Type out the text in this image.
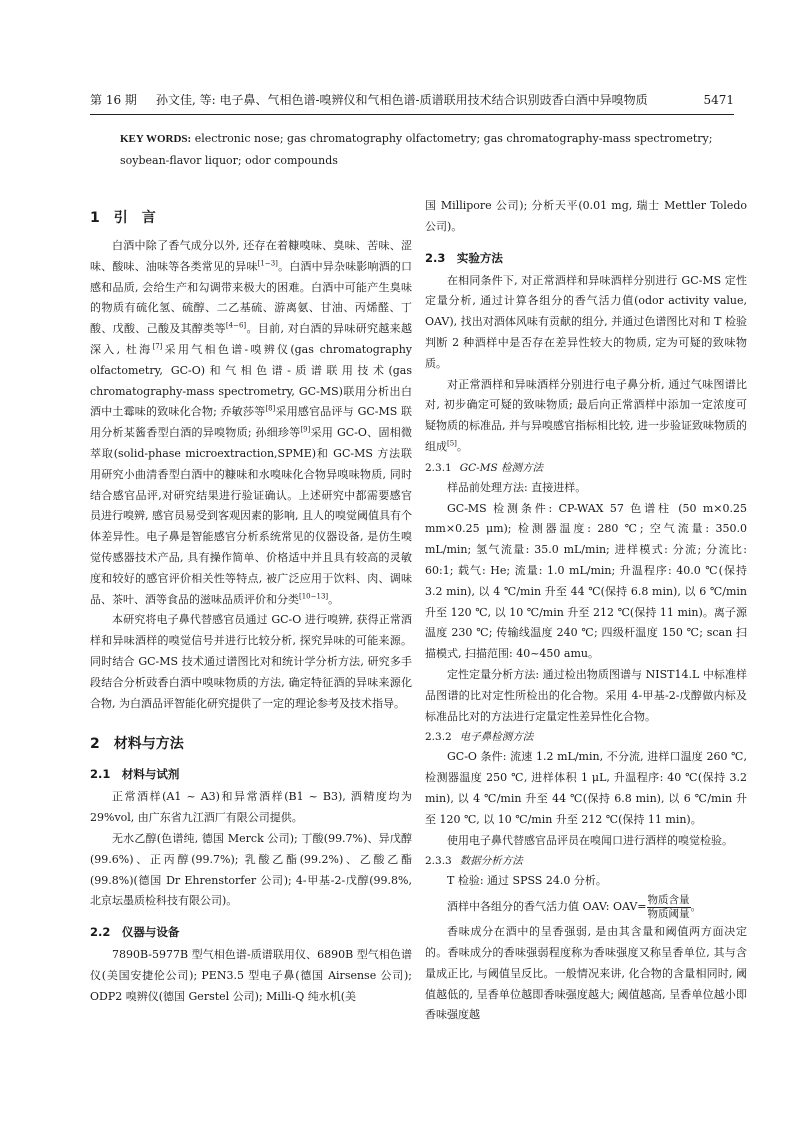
第 16 期 孙文佳, 等: 电子鼻、气相色谱-嗅辨仪和气相色谱-质谱联用技术结合识别豉香白酒中异嗅物质	5471
KEY WORDS: electronic nose; gas chromatography olfactometry; gas chromatography-mass spectrometry; soybean-flavor liquor; odor compounds
1　引　言

白酒中除了香气成分以外, 还存在着糠嗅味、臭味、苦味、涩味、酸味、油味等各类常见的异味[1−3]。白酒中异杂味影响酒的口感和品质, 会给生产和勾调带来极大的困难。白酒中可能产生臭味的物质有硫化氢、硫醇、二乙基硫、游离氨、甘油、丙烯醛、丁酸、戊酸、己酸及其醇类等[4−6]。目前, 对白酒的异味研究越来越深入, 杜海[7]采用气相色谱-嗅辨仪(gas chromatography olfactometry, GC-O)和气相色谱-质谱联用技术(gas chromatography-mass spectrometry, GC-MS)联用分析出白酒中土霉味的致味化合物; 乔敏莎等[8]采用感官品评与 GC-MS 联用分析某酱香型白酒的异嗅物质; 孙细珍等[9]采用 GC-O、固相微萃取(solid-phase microextraction,SPME)和 GC-MS 方法联用研究小曲清香型白酒中的糠味和水嗅味化合物异嗅味物质, 同时结合感官品评,对研究结果进行验证确认。上述研究中都需要感官员进行嗅辨, 感官员易受到客观因素的影响, 且人的嗅觉阈值具有个体差异性。电子鼻是智能感官分析系统常见的仪器设备, 是仿生嗅觉传感器技术产品, 具有操作简单、价格适中并且具有较高的灵敏度和较好的感官评价相关性等特点, 被广泛应用于饮料、肉、调味品、茶叶、酒等食品的滋味品质评价和分类[10−13]。

本研究将电子鼻代替感官员通过 GC-O 进行嗅辨, 获得正常酒样和异味酒样的嗅觉信号并进行比较分析, 探究异味的可能来源。同时结合 GC-MS 技术通过谱图比对和统计学分析方法, 研究多手段结合分析豉香白酒中嗅味物质的方法, 确定特征酒的异味来源化合物, 为白酒品评智能化研究提供了一定的理论参考及技术指导。

2　材料与方法
2.1　材料与试剂

正常酒样(A1 ~ A3)和异常酒样(B1 ~ B3), 酒精度均为 29%vol, 由广东省九江酒厂有限公司提供。

无水乙醇(色谱纯, 德国 Merck 公司); 丁酸(99.7%)、异戊醇(99.6%)、正丙醇(99.7%); 乳酸乙酯(99.2%)、乙酸乙酯(99.8%)(德国 Dr Ehrenstorfer 公司); 4-甲基-2-戊醇(99.8%, 北京坛墨质检科技有限公司)。

2.2　仪器与设备

7890B-5977B 型气相色谱-质谱联用仪、6890B 型气相色谱仪(美国安捷伦公司); PEN3.5 型电子鼻(德国 Airsense 公司); ODP2 嗅辨仪(德国 Gerstel 公司); Milli-Q 纯水机(美

国 Millipore 公司); 分析天平(0.01 mg, 瑞士 Mettler Toledo 公司)。

2.3　实验方法

在相同条件下, 对正常酒样和异味酒样分别进行 GC-MS 定性定量分析, 通过计算各组分的香气活力值(odor activity value, OAV), 找出对酒体风味有贡献的组分, 并通过色谱图比对和 T 检验判断 2 种酒样中是否存在差异性较大的物质, 定为可疑的致味物质。

对正常酒样和异味酒样分别进行电子鼻分析, 通过气味图谱比对, 初步确定可疑的致味物质; 最后向正常酒样中添加一定浓度可疑物质的标准品, 并与异嗅感官指标相比较, 进一步验证致味物质的组成[5]。

2.3.1 GC-MS 检测方法

样品前处理方法: 直接进样。

GC-MS 检测条件: CP-WAX 57 色谱柱 (50 m×0.25 mm×0.25 μm); 检测器温度: 280 ℃; 空气流量: 350.0 mL/min; 氢气流量: 35.0 mL/min; 进样模式: 分流; 分流比: 60:1; 载气: He; 流量: 1.0 mL/min; 升温程序: 40.0 ℃(保持 3.2 min), 以 4 ℃/min 升至 44 ℃(保持 6.8 min), 以 6 ℃/min 升至 120 ℃, 以 10 ℃/min 升至 212 ℃(保持 11 min)。离子源温度 230 ℃; 传输线温度 240 ℃; 四级杆温度 150 ℃; scan 扫描模式, 扫描范围: 40~450 amu。

定性定量分析方法: 通过检出物质图谱与 NIST14.L 中标准样品图谱的比对定性所检出的化合物。采用 4-甲基-2-戊醇做内标及标准品比对的方法进行定量定性差异性化合物。

2.3.2 电子鼻检测方法

GC-O 条件: 流速 1.2 mL/min, 不分流, 进样口温度 260 ℃, 检测器温度 250 ℃, 进样体积 1 μL, 升温程序: 40 ℃(保持 3.2 min), 以 4 ℃/min 升至 44 ℃(保持 6.8 min), 以 6 ℃/min 升至 120 ℃, 以 10 ℃/min 升至 212 ℃(保持 11 min)。

使用电子鼻代替感官品评员在嗅闻口进行酒样的嗅觉检验。

2.3.3 数据分析方法

T 检验: 通过 SPSS 24.0 分析。

酒样中各组分的香气活力值 OAV: $OAV= \frac{\text{物质含量}}{\text{物质阈量}}$ 。

香味成分在酒中的呈香强弱, 是由其含量和阈值两方面决定的。香味成分的香味强弱程度称为香味强度又称呈香单位, 其与含量成正比, 与阈值呈反比。一般情况来讲, 化合物的含量相同时, 阈值越低的, 呈香单位越即香味强度越大; 阈值越高, 呈香单位越小即香味强度越
